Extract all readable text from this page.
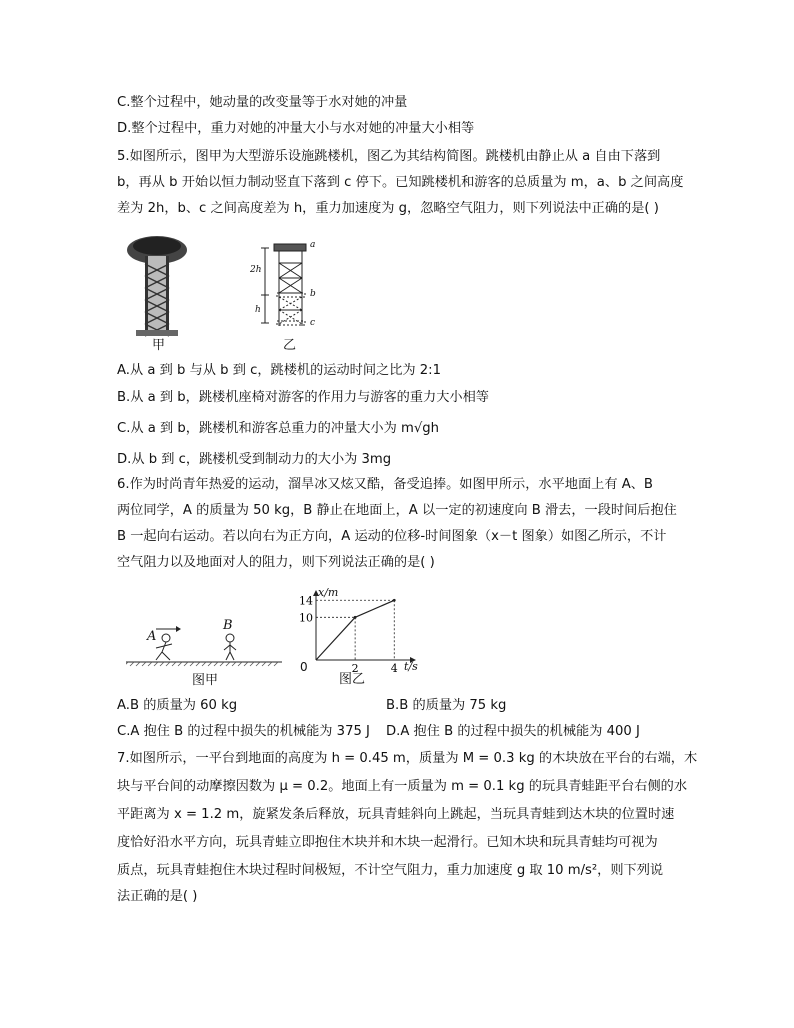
C.整个过程中，她动量的改变量等于水对她的冲量
D.整个过程中，重力对她的冲量大小与水对她的冲量大小相等
5.如图所示，图甲为大型游乐设施跳楼机，图乙为其结构简图。跳楼机由静止从 a 自由下落到
b，再从 b 开始以恒力制动竖直下落到 c 停下。已知跳楼机和游客的总质量为 m，a、b 之间高度
差为 2h，b、c 之间高度差为 h，重力加速度为 g，忽略空气阻力，则下列说法中正确的是( )
a
b
c
2h
h
甲	乙
A.从 a 到 b 与从 b 到 c，跳楼机的运动时间之比为 2:1
B.从 a 到 b，跳楼机座椅对游客的作用力与游客的重力大小相等
C.从 a 到 b，跳楼机和游客总重力的冲量大小为 m√gh
D.从 b 到 c，跳楼机受到制动力的大小为 3mg
6.作为时尚青年热爱的运动，溜旱冰又炫又酷，备受追捧。如图甲所示，水平地面上有 A、B
两位同学，A 的质量为 50 kg，B 静止在地面上，A 以一定的初速度向 B 滑去，一段时间后抱住
B 一起向右运动。若以向右为正方向，A 运动的位移-时间图象（x－t 图象）如图乙所示，不计
空气阻力以及地面对人的阻力，则下列说法正确的是( )
A
B
图甲
2	4
10
14
0
x/m
t/s
图乙
A.B 的质量为 60 kg	B.B 的质量为 75 kg
C.A 抱住 B 的过程中损失的机械能为 375 J D.A 抱住 B 的过程中损失的机械能为 400 J
7.如图所示，一平台到地面的高度为 h = 0.45 m，质量为 M = 0.3 kg 的木块放在平台的右端，木
块与平台间的动摩擦因数为 μ = 0.2。地面上有一质量为 m = 0.1 kg 的玩具青蛙距平台右侧的水
平距离为 x = 1.2 m，旋紧发条后释放，玩具青蛙斜向上跳起，当玩具青蛙到达木块的位置时速
度恰好沿水平方向，玩具青蛙立即抱住木块并和木块一起滑行。已知木块和玩具青蛙均可视为
质点，玩具青蛙抱住木块过程时间极短，不计空气阻力，重力加速度 g 取 10 m/s²，则下列说
法正确的是( )
